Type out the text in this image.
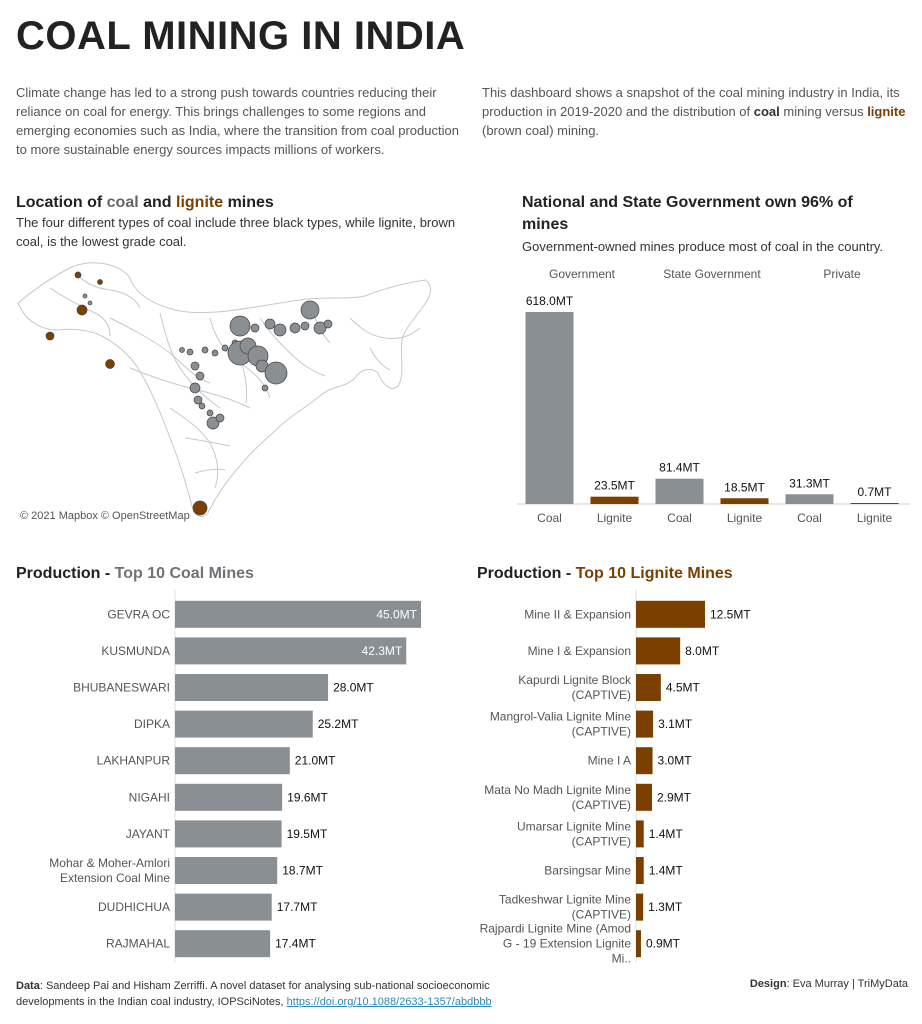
COAL MINING IN INDIA
Climate change has led to a strong push towards countries reducing their reliance on coal for energy. This brings challenges to some regions and emerging economies such as India, where the transition from coal production to more sustainable energy sources impacts millions of workers.
This dashboard shows a snapshot of the coal mining industry in India, its production in 2019-2020 and the distribution of coal mining versus lignite (brown coal) mining.
Location of coal and lignite mines
The four different types of coal include three black types, while lignite, brown coal, is the lowest grade coal.
© 2021 Mapbox © OpenStreetMap
National and State Government own 96% of mines
Government-owned mines produce most of coal in the country.
Government	State Government	Private
618.0MT
Coal
23.5MT
Lignite
81.4MT
Coal
18.5MT
Lignite
31.3MT
Coal
0.7MT
Lignite
Production - Top 10 Coal Mines
45.0MT
GEVRA OC
42.3MT
KUSMUNDA
28.0MT
BHUBANESWARI
25.2MT
DIPKA
21.0MT
LAKHANPUR
19.6MT
NIGAHI
19.5MT
JAYANT
18.7MT
Mohar & Moher-Amlori Extension Coal Mine
17.7MT
DUDHICHUA
17.4MT
RAJMAHAL
Production - Top 10 Lignite Mines
12.5MT
Mine II & Expansion
8.0MT
Mine I & Expansion
4.5MT
Kapurdi Lignite Block (CAPTIVE)
3.1MT
Mangrol-Valia Lignite Mine (CAPTIVE)
3.0MT
Mine I A
2.9MT
Mata No Madh Lignite Mine (CAPTIVE)
1.4MT
Umarsar Lignite Mine (CAPTIVE)
1.4MT
Barsingsar Mine
1.3MT
Tadkeshwar Lignite Mine (CAPTIVE)
0.9MT
Rajpardi Lignite Mine (Amod G - 19 Extension Lignite Mi..
Data: Sandeep Pai and Hisham Zerriffi. A novel dataset for analysing sub-national socioeconomic developments in the Indian coal industry, IOPSciNotes, https://doi.org/10.1088/2633-1357/abdbbb
Design: Eva Murray | TriMyData
